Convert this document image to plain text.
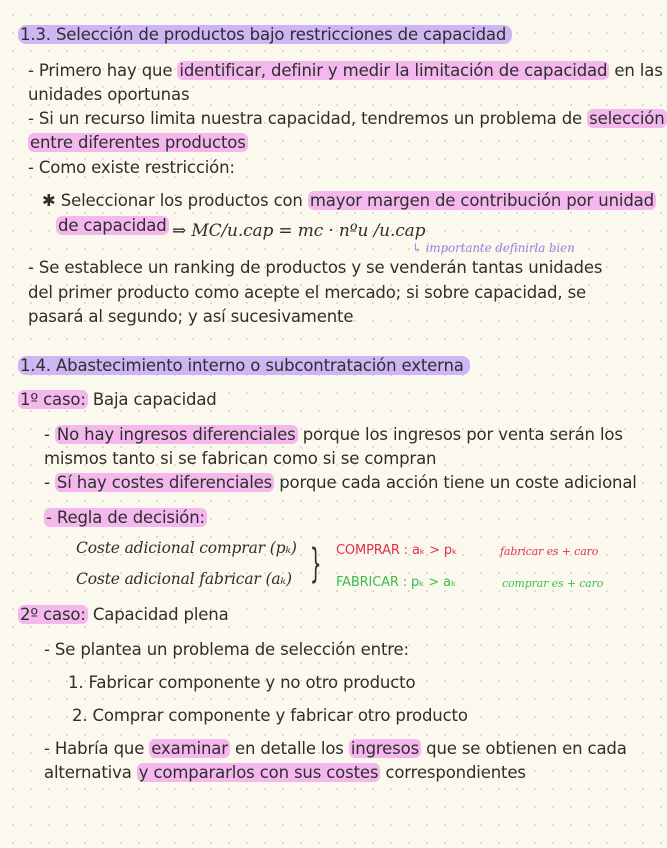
1.3. Selección de productos bajo restricciones de capacidad
- Primero hay que identificar, definir y medir la limitación de capacidad en las
unidades oportunas
- Si un recurso limita nuestra capacidad, tendremos un problema de selección
entre diferentes productos
- Como existe restricción:
✱ Seleccionar los productos con mayor margen de contribución por unidad
de capacidad ⇒ MC/u.cap = mc · nºu /u.cap
↳ importante definirla bien
- Se establece un ranking de productos y se venderán tantas unidades
del primer producto como acepte el mercado; si sobre capacidad, se
pasará al segundo; y así sucesivamente
1.4. Abastecimiento interno o subcontratación externa
1º caso: Baja capacidad
- No hay ingresos diferenciales porque los ingresos por venta serán los
mismos tanto si se fabrican como si se compran
- Sí hay costes diferenciales porque cada acción tiene un coste adicional
- Regla de decisión:
Coste adicional comprar (pₖ)
Coste adicional fabricar (aₖ) } COMPRAR : aₖ > pₖ	fabricar es + caro
FABRICAR : pₖ > aₖ	comprar es + caro
2º caso: Capacidad plena
- Se plantea un problema de selección entre:
1. Fabricar componente y no otro producto
2. Comprar componente y fabricar otro producto
- Habría que examinar en detalle los ingresos que se obtienen en cada
alternativa y compararlos con sus costes correspondientes
